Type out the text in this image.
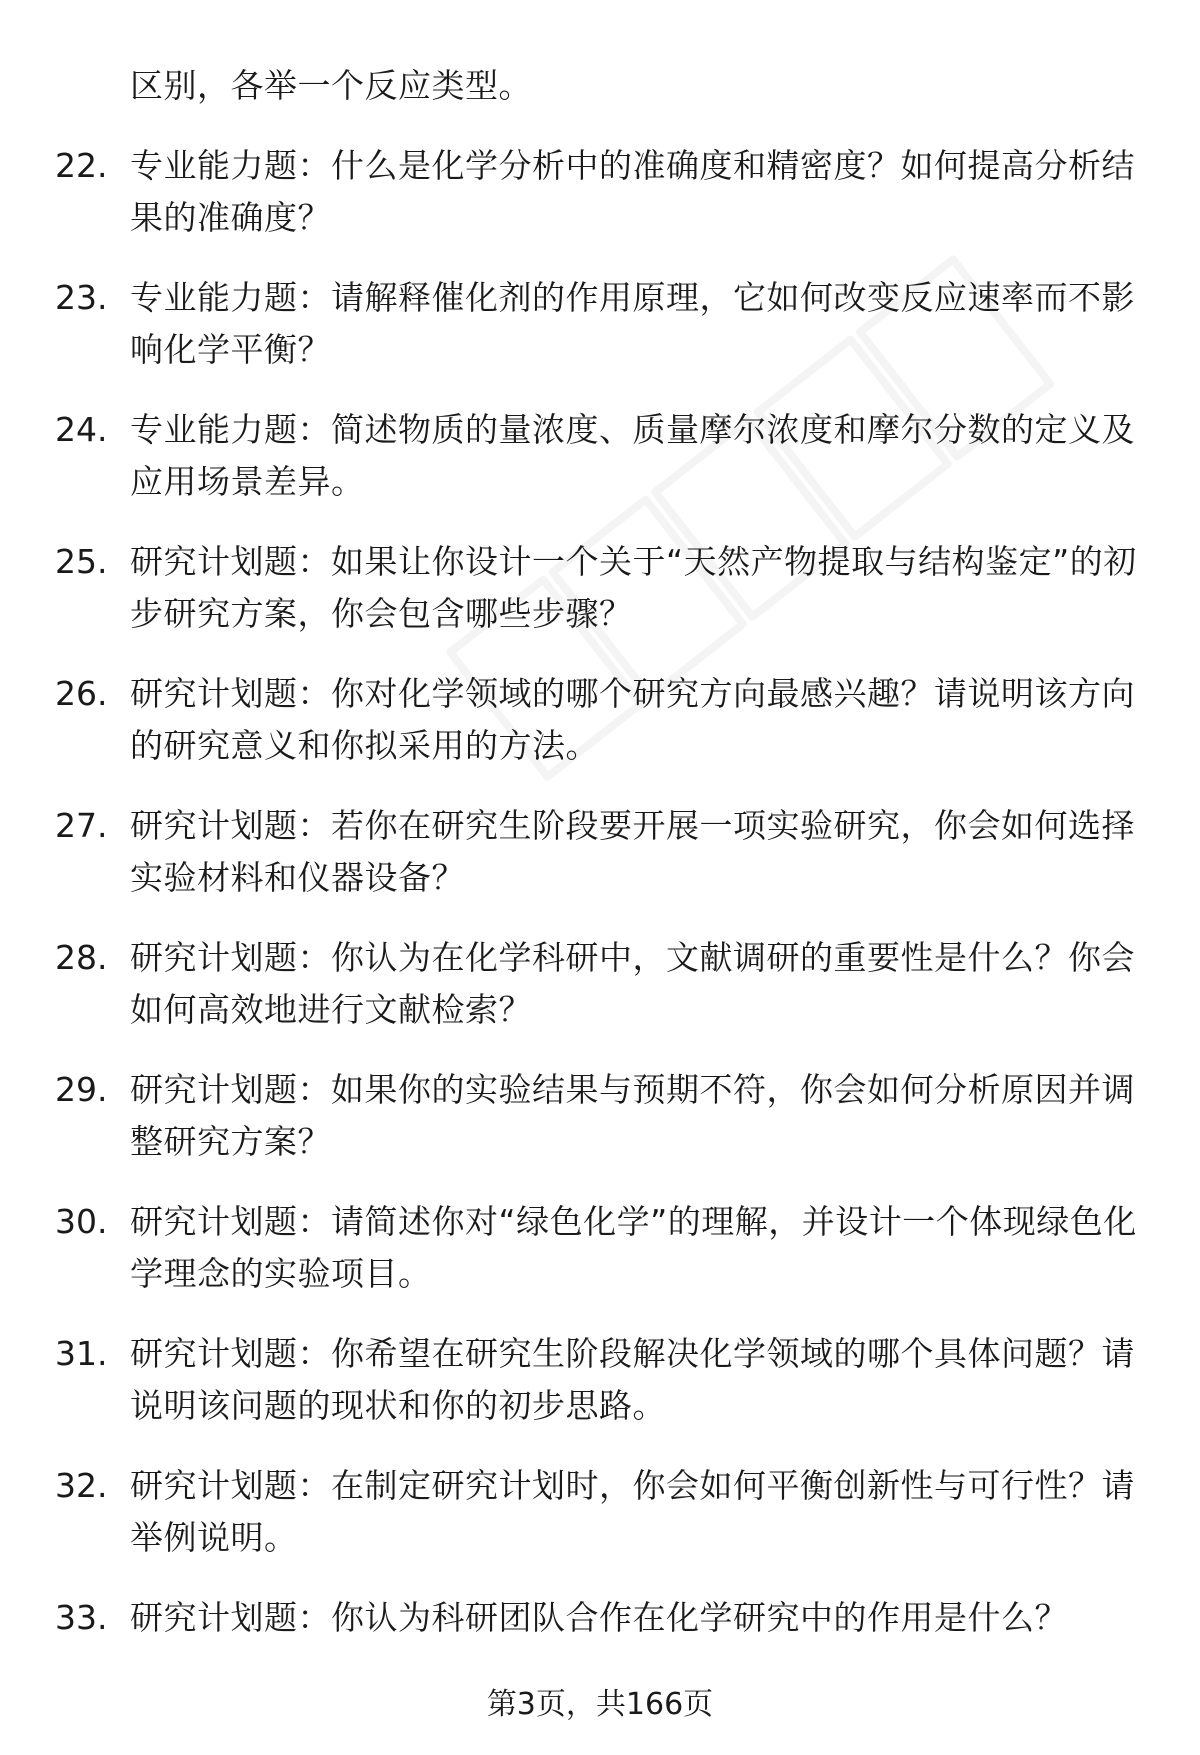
区别，各举一个反应类型。
22. 专业能力题：什么是化学分析中的准确度和精密度？如何提高分析结果的准确度？
23. 专业能力题：请解释催化剂的作用原理，它如何改变反应速率而不影响化学平衡？
24. 专业能力题：简述物质的量浓度、质量摩尔浓度和摩尔分数的定义及应用场景差异。
25. 研究计划题：如果让你设计一个关于“天然产物提取与结构鉴定”的初步研究方案，你会包含哪些步骤？
26. 研究计划题：你对化学领域的哪个研究方向最感兴趣？请说明该方向的研究意义和你拟采用的方法。
27. 研究计划题：若你在研究生阶段要开展一项实验研究，你会如何选择实验材料和仪器设备？
28. 研究计划题：你认为在化学科研中，文献调研的重要性是什么？你会如何高效地进行文献检索？
29. 研究计划题：如果你的实验结果与预期不符，你会如何分析原因并调整研究方案？
30. 研究计划题：请简述你对“绿色化学”的理解，并设计一个体现绿色化学理念的实验项目。
31. 研究计划题：你希望在研究生阶段解决化学领域的哪个具体问题？请说明该问题的现状和你的初步思路。
32. 研究计划题：在制定研究计划时，你会如何平衡创新性与可行性？请举例说明。
33. 研究计划题：你认为科研团队合作在化学研究中的作用是什么？
第3页，共166页
